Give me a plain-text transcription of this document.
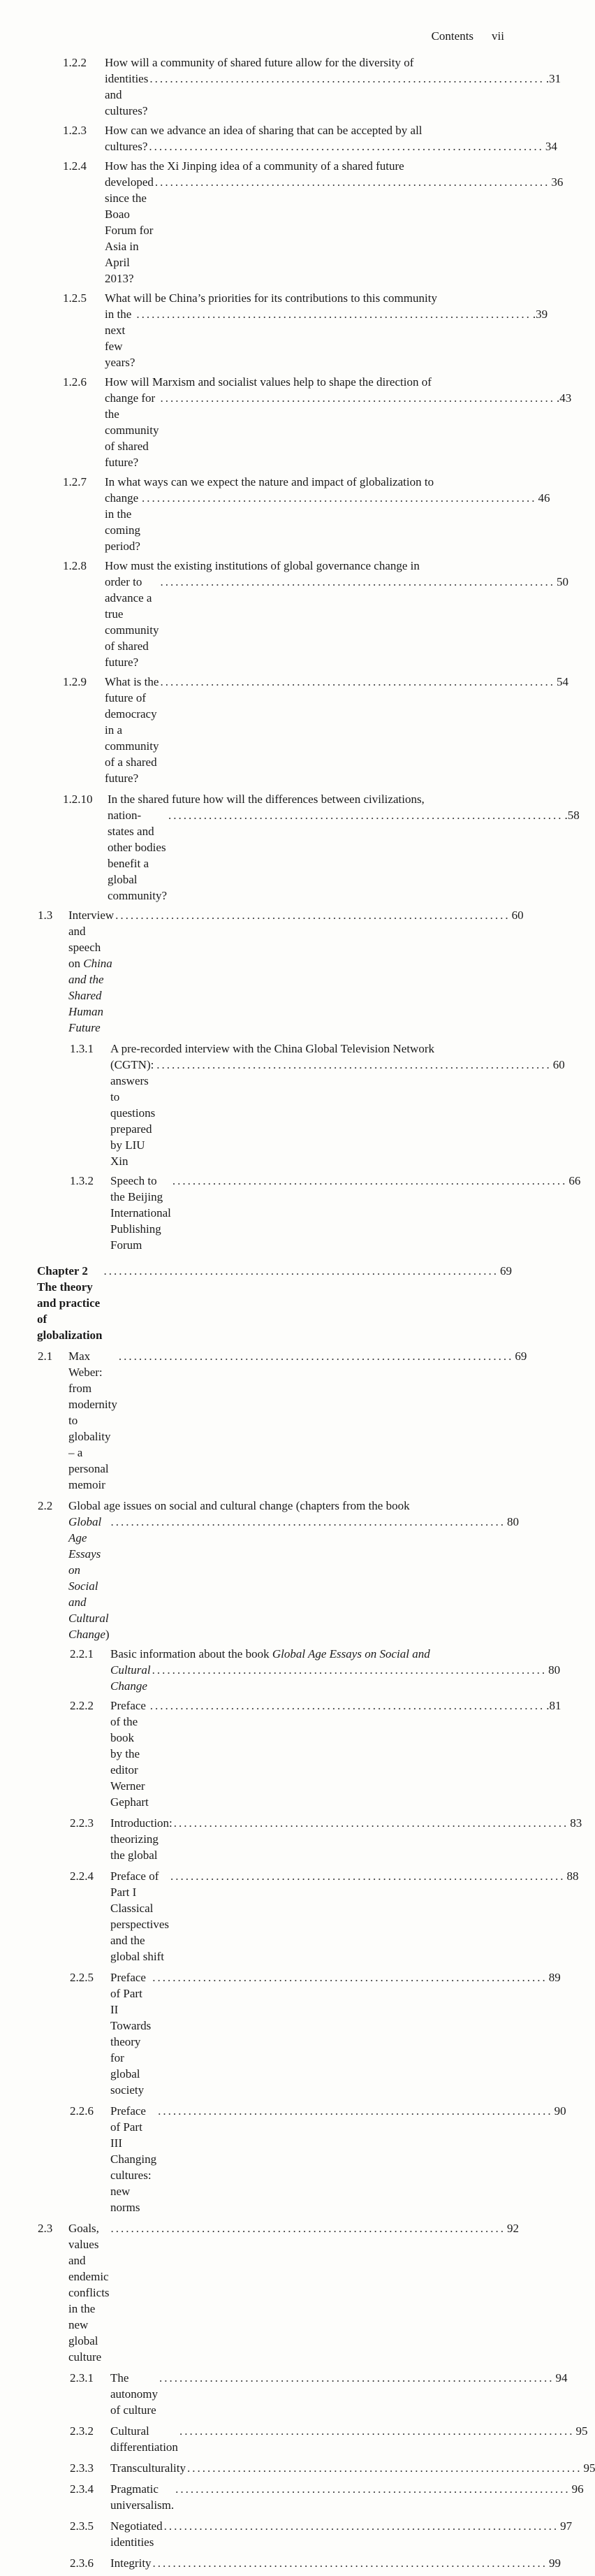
Contents vii
1.2.2 How will a community of shared future allow for the diversity of
identities and cultures?
.............................................................................. .31
1.2.3 How can we advance an idea of sharing that can be accepted by all
cultures? .............................................................................. 34
1.2.4 How has the Xi Jinping idea of a community of a shared future
developed since the Boao Forum for Asia in April 2013?
.............................................................................. 36
1.2.5 What will be China’s priorities for its contributions to this community
in the next few years?
.............................................................................. .39
1.2.6 How will Marxism and socialist values help to shape the direction of
change for the community of shared future?
.............................................................................. .43
1.2.7 In what ways can we expect the nature and impact of globalization to
change in the coming period?
.............................................................................. 46
1.2.8 How must the existing institutions of global governance change in
order to advance a true community of shared future?
.............................................................................. 50
1.2.9 What is the future of democracy in a community of a shared future?
.............................................................................. 54
1.2.10 In the shared future how will the differences between civilizations,
nation-states and other bodies benefit a global community?
.............................................................................. .58
1.3 Interview and speech on China and the Shared Human Future
.............................................................................. 60
1.3.1 A pre-recorded interview with the China Global Television Network
(CGTN): answers to questions prepared by LIU Xin
.............................................................................. 60
1.3.2 Speech to the Beijing International Publishing Forum
.............................................................................. 66
Chapter 2 The theory and practice of globalization
.............................................................................. 69
2.1 Max Weber: from modernity to globality – a personal memoir
.............................................................................. 69
2.2 Global age issues on social and cultural change (chapters from the book
Global Age Essays on Social and Cultural Change)
.............................................................................. 80
2.2.1 Basic information about the book Global Age Essays on Social and
Cultural Change
.............................................................................. 80
2.2.2 Preface of the book by the editor Werner Gephart
.............................................................................. .81
2.2.3 Introduction: theorizing the global
.............................................................................. 83
2.2.4 Preface of Part I Classical perspectives and the global shift
.............................................................................. 88
2.2.5 Preface of Part II Towards theory for global society
.............................................................................. 89
2.2.6 Preface of Part III Changing cultures: new norms
.............................................................................. 90
2.3 Goals, values and endemic conflicts in the new global culture
.............................................................................. 92
2.3.1 The autonomy of culture
.............................................................................. 94
2.3.2 Cultural differentiation
.............................................................................. 95
2.3.3 Transculturality .............................................................................. 95
2.3.4 Pragmatic universalism.
.............................................................................. 96
2.3.5 Negotiated identities
.............................................................................. 97
2.3.6 Integrity .............................................................................. 99
